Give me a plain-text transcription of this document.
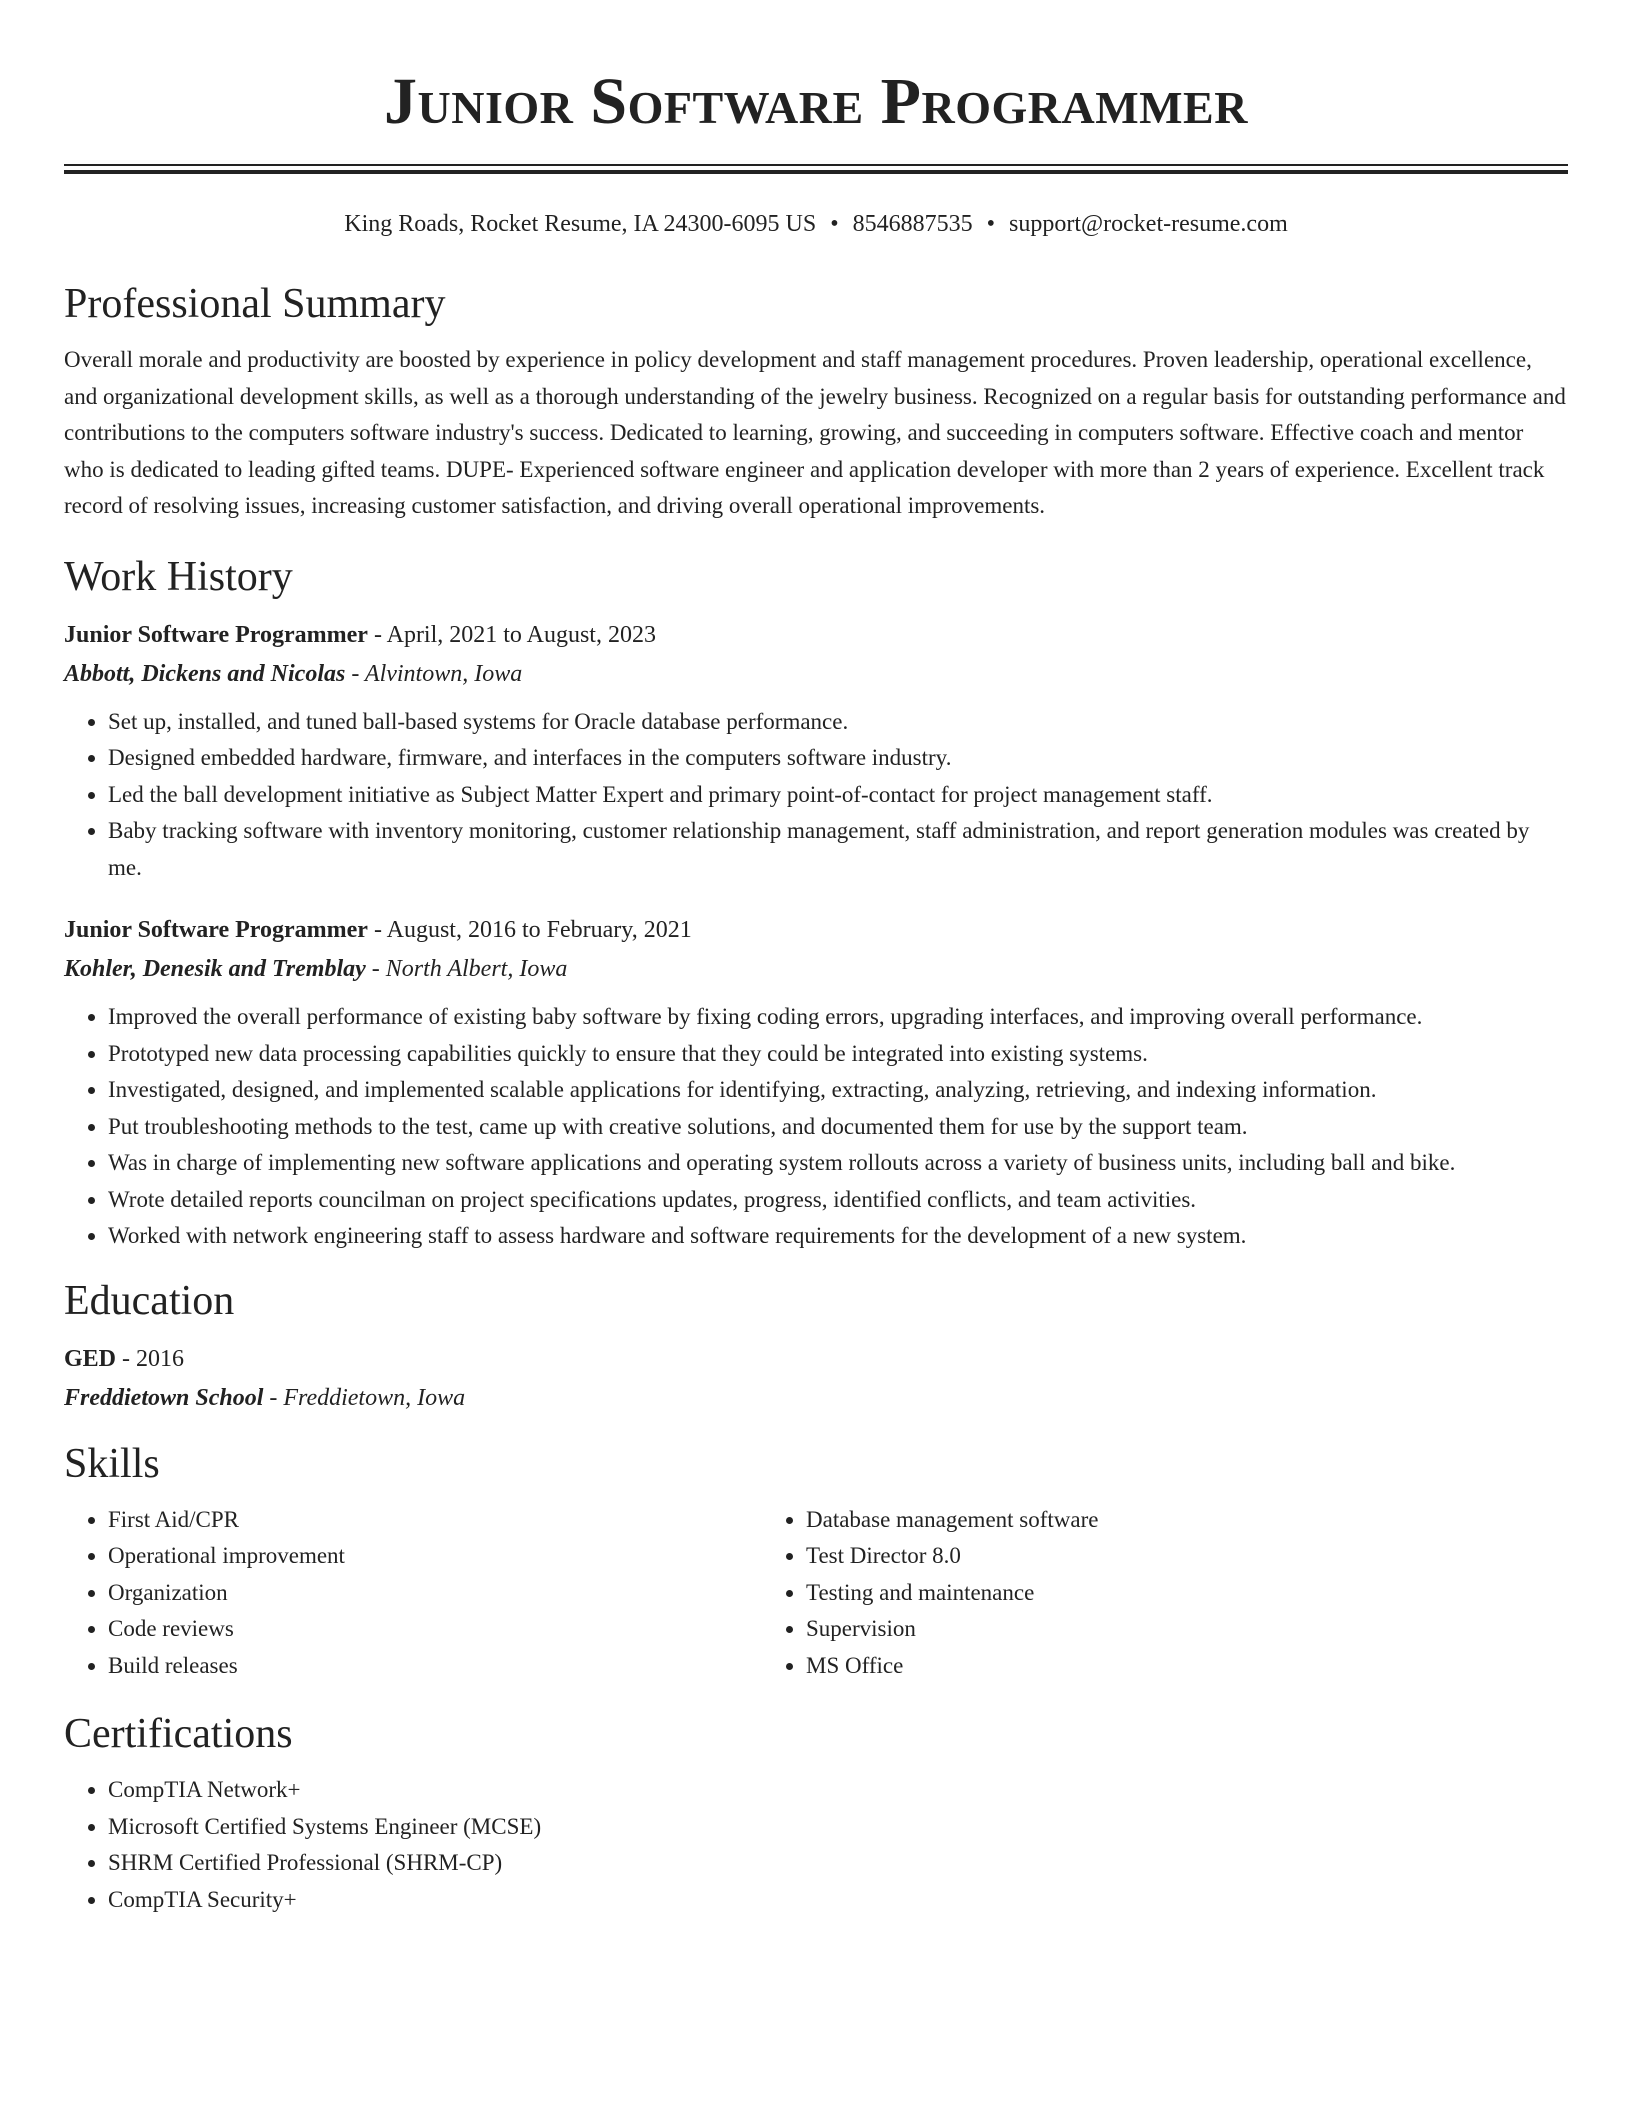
Junior Software Programmer
King Roads, Rocket Resume, IA 24300-6095 US • 8546887535 • support@rocket-resume.com
Professional Summary

Overall morale and productivity are boosted by experience in policy development and staff management procedures. Proven leadership, operational excellence, and organizational development skills, as well as a thorough understanding of the jewelry business. Recognized on a regular basis for outstanding performance and contributions to the computers software industry's success. Dedicated to learning, growing, and succeeding in computers software. Effective coach and mentor who is dedicated to leading gifted teams. DUPE- Experienced software engineer and application developer with more than 2 years of experience. Excellent track record of resolving issues, increasing customer satisfaction, and driving overall operational improvements.

Work History
Junior Software Programmer - April, 2021 to August, 2023
Abbott, Dickens and Nicolas - Alvintown, Iowa
• Set up, installed, and tuned ball-based systems for Oracle database performance.
• Designed embedded hardware, firmware, and interfaces in the computers software industry.
• Led the ball development initiative as Subject Matter Expert and primary point-of-contact for project management staff.
• Baby tracking software with inventory monitoring, customer relationship management, staff administration, and report generation modules was created by me.
Junior Software Programmer - August, 2016 to February, 2021
Kohler, Denesik and Tremblay - North Albert, Iowa
• Improved the overall performance of existing baby software by fixing coding errors, upgrading interfaces, and improving overall performance.
• Prototyped new data processing capabilities quickly to ensure that they could be integrated into existing systems.
• Investigated, designed, and implemented scalable applications for identifying, extracting, analyzing, retrieving, and indexing information.
• Put troubleshooting methods to the test, came up with creative solutions, and documented them for use by the support team.
• Was in charge of implementing new software applications and operating system rollouts across a variety of business units, including ball and bike.
• Wrote detailed reports councilman on project specifications updates, progress, identified conflicts, and team activities.
• Worked with network engineering staff to assess hardware and software requirements for the development of a new system.
Education
GED - 2016
Freddietown School - Freddietown, Iowa
Skills
• First Aid/CPR
• Operational improvement
• Organization
• Code reviews
• Build releases
• Database management software
• Test Director 8.0
• Testing and maintenance
• Supervision
• MS Office
Certifications
• CompTIA Network+
• Microsoft Certified Systems Engineer (MCSE)
• SHRM Certified Professional (SHRM-CP)
• CompTIA Security+
